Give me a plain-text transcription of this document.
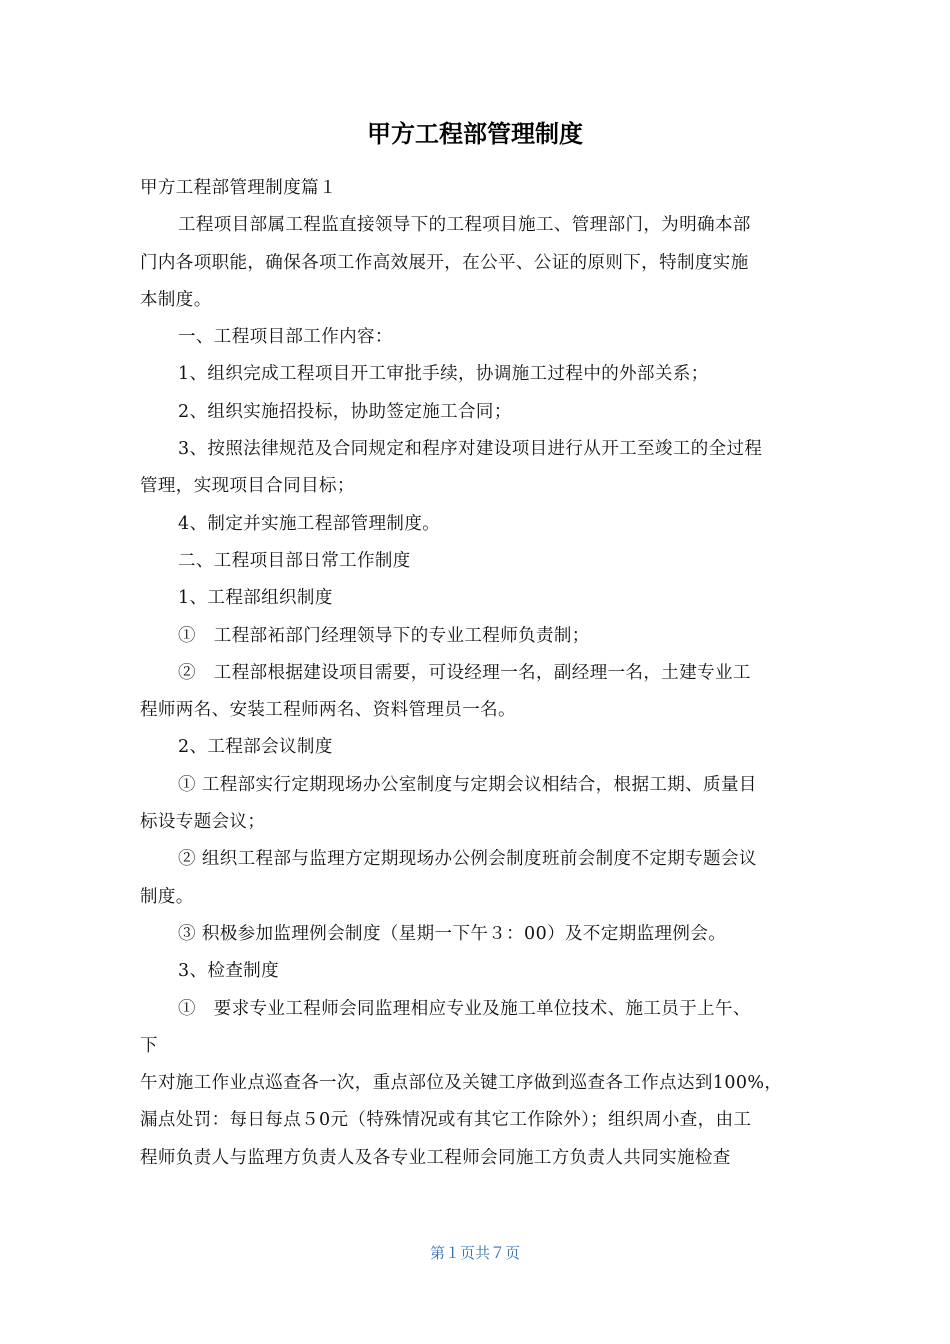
甲方工程部管理制度
甲方工程部管理制度篇１
工程项目部属工程监直接领导下的工程项目施工、管理部门，为明确本部
门内各项职能，确保各项工作高效展开，在公平、公证的原则下，特制度实施
本制度。
一、工程项目部工作内容：
1、组织完成工程项目开工审批手续，协调施工过程中的外部关系；
2、组织实施招投标，协助签定施工合同；
3、按照法律规范及合同规定和程序对建设项目进行从开工至竣工的全过程
管理，实现项目合同目标；
4、制定并实施工程部管理制度。
二、工程项目部日常工作制度
1、工程部组织制度
①　工程部袥部门经理领导下的专业工程师负责制；
②　工程部根据建设项目需要，可设经理一名，副经理一名，土建专业工
程师两名、安装工程师两名、资料管理员一名。
2、工程部会议制度
① 工程部实行定期现场办公室制度与定期会议相结合，根据工期、质量目
标设专题会议；
② 组织工程部与监理方定期现场办公例会制度班前会制度不定期专题会议
制度。
③ 积极参加监理例会制度（星期一下午３：00）及不定期监理例会。
3、检查制度
①　要求专业工程师会同监理相应专业及施工单位技术、施工员于上午、
下
午对施工作业点巡查各一次，重点部位及关键工序做到巡查各工作点达到100%，
漏点处罚：每日每点５0元（特殊情况或有其它工作除外）；组织周小查，由工
程师负责人与监理方负责人及各专业工程师会同施工方负责人共同实施检查
第１页共７页
